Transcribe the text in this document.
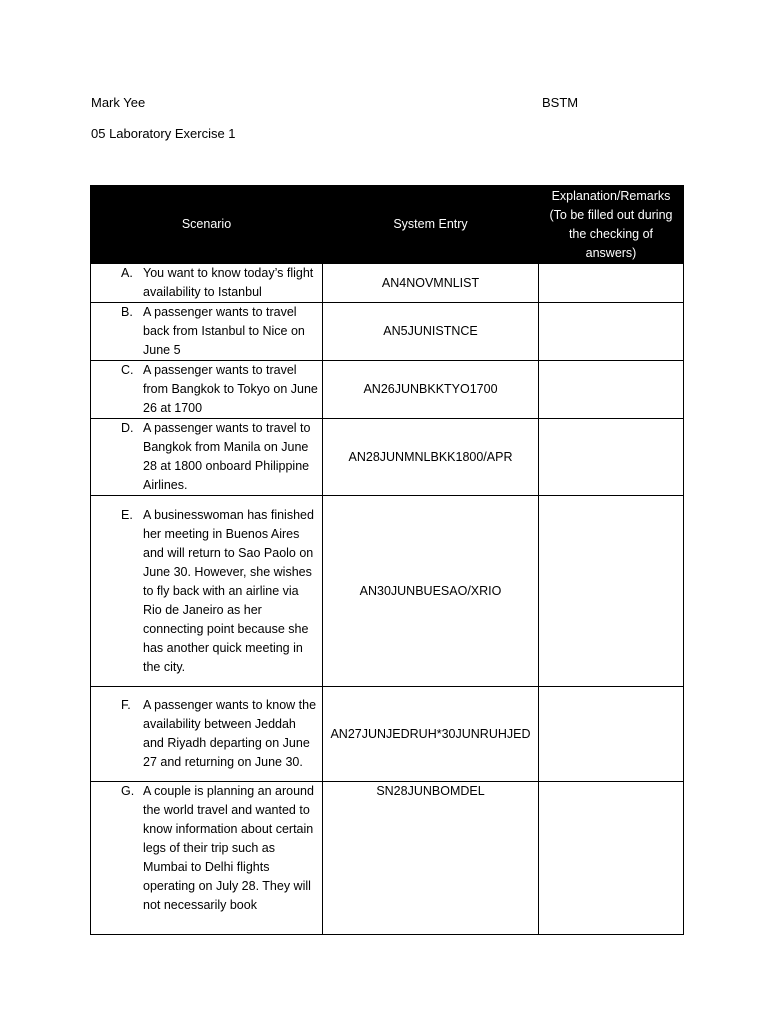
Mark Yee	BSTM
05 Laboratory Exercise 1
Scenario	System Entry	Explanation/Remarks (To be filled out during the checking of answers)

A. You want to know today’s flight availability to Istanbul	AN4NOVMNLIST	

B. A passenger wants to travel back from Istanbul to Nice on June 5	AN5JUNISTNCE	

C. A passenger wants to travel from Bangkok to Tokyo on June 26 at 1700	AN26JUNBKKTYO1700	

D. A passenger wants to travel to Bangkok from Manila on June 28 at 1800 onboard Philippine Airlines.	AN28JUNMNLBKK1800/APR	

E. A businesswoman has finished her meeting in Buenos Aires and will return to Sao Paolo on June 30. However, she wishes to fly back with an airline via Rio de Janeiro as her connecting point because she has another quick meeting in the city.	AN30JUNBUESAO/XRIO	

F. A passenger wants to know the availability between Jeddah and Riyadh departing on June 27 and returning on June 30.	AN27JUNJEDRUH*30JUNRUHJED	

G. A couple is planning an around the world travel and wanted to know information about certain legs of their trip such as Mumbai to Delhi flights operating on July 28. They will not necessarily book	SN28JUNBOMDEL	
